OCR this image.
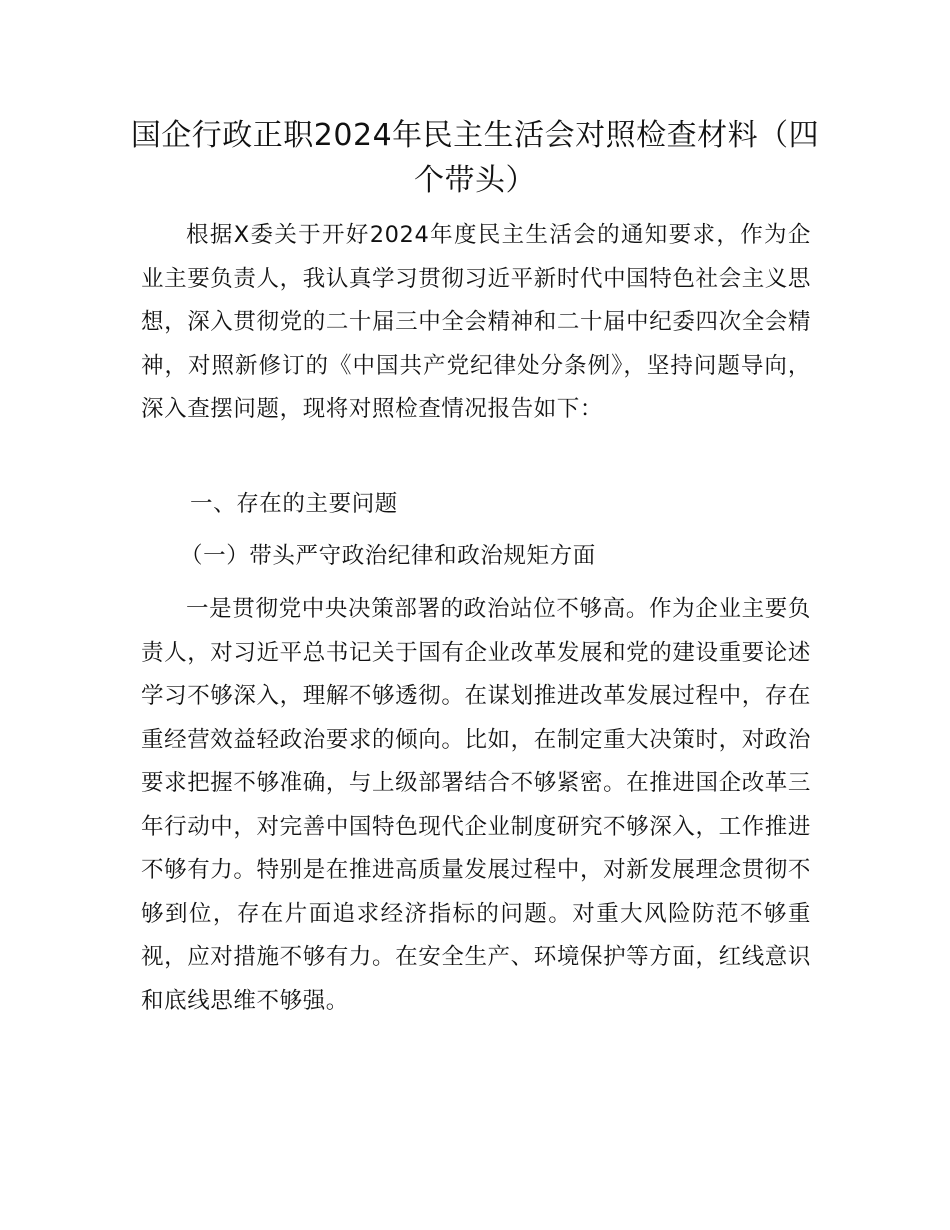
国企行政正职2024年民主生活会对照检查材料（四个带头）

根据X委关于开好2024年度民主生活会的通知要求，作为企业主要负责人，我认真学习贯彻习近平新时代中国特色社会主义思想，深入贯彻党的二十届三中全会精神和二十届中纪委四次全会精神，对照新修订的《中国共产党纪律处分条例》，坚持问题导向，深入查摆问题，现将对照检查情况报告如下：

一、存在的主要问题
（一）带头严守政治纪律和政治规矩方面

一是贯彻党中央决策部署的政治站位不够高。作为企业主要负责人，对习近平总书记关于国有企业改革发展和党的建设重要论述学习不够深入，理解不够透彻。在谋划推进改革发展过程中，存在重经营效益轻政治要求的倾向。比如，在制定重大决策时，对政治要求把握不够准确，与上级部署结合不够紧密。在推进国企改革三年行动中，对完善中国特色现代企业制度研究不够深入，工作推进不够有力。特别是在推进高质量发展过程中，对新发展理念贯彻不够到位，存在片面追求经济指标的问题。对重大风险防范不够重视，应对措施不够有力。在安全生产、环境保护等方面，红线意识和底线思维不够强。
